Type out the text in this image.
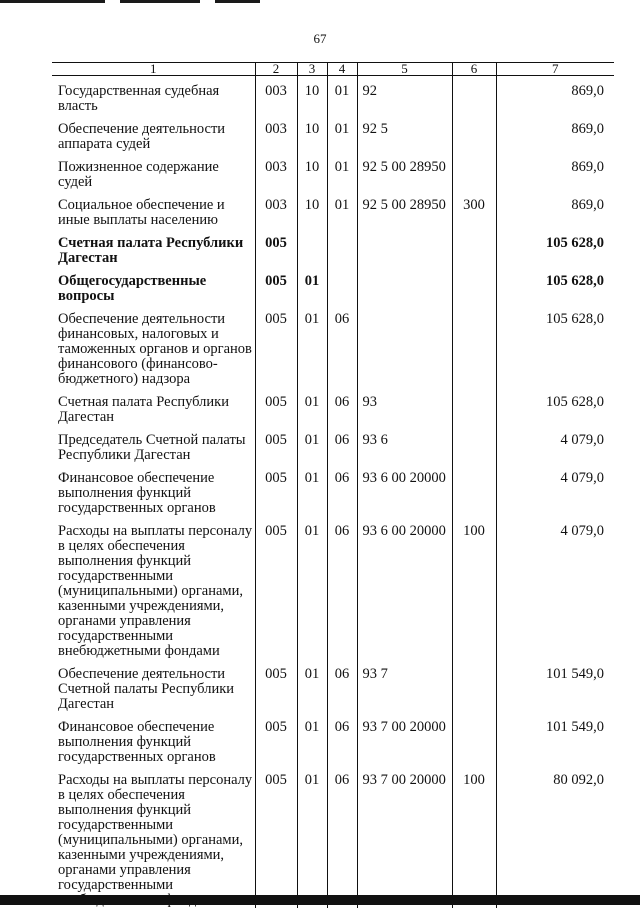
67
1	2	3	4	5	6	7
Государственная судебная власть	003	10	01	92		869,0
Обеспечение деятельности аппарата судей	003	10	01	92 5		869,0
Пожизненное содержание судей	003	10	01	92 5 00 28950		869,0
Социальное обеспечение и иные выплаты населению	003	10	01	92 5 00 28950	300	869,0
Счетная палата Республики Дагестан	005					105 628,0
Общегосударственные вопросы	005	01				105 628,0
Обеспечение деятельности финансовых, налоговых и таможенных органов и органов финансового (финансово-бюджетного) надзора	005	01	06			105 628,0
Счетная палата Республики Дагестан	005	01	06	93		105 628,0
Председатель Счетной палаты Республики Дагестан	005	01	06	93 6		4 079,0
Финансовое обеспечение выполнения функций государственных органов	005	01	06	93 6 00 20000		4 079,0
Расходы на выплаты персоналу в целях обеспечения выполнения функций государственными (муниципальными) органами, казенными учреждениями, органами управления государственными внебюджетными фондами	005	01	06	93 6 00 20000	100	4 079,0
Обеспечение деятельности Счетной палаты Республики Дагестан	005	01	06	93 7		101 549,0
Финансовое обеспечение выполнения функций государственных органов	005	01	06	93 7 00 20000		101 549,0
Расходы на выплаты персоналу в целях обеспечения выполнения функций государственными (муниципальными) органами, казенными учреждениями, органами управления государственными	005	01	06	93 7 00 20000	100	80 092,0
